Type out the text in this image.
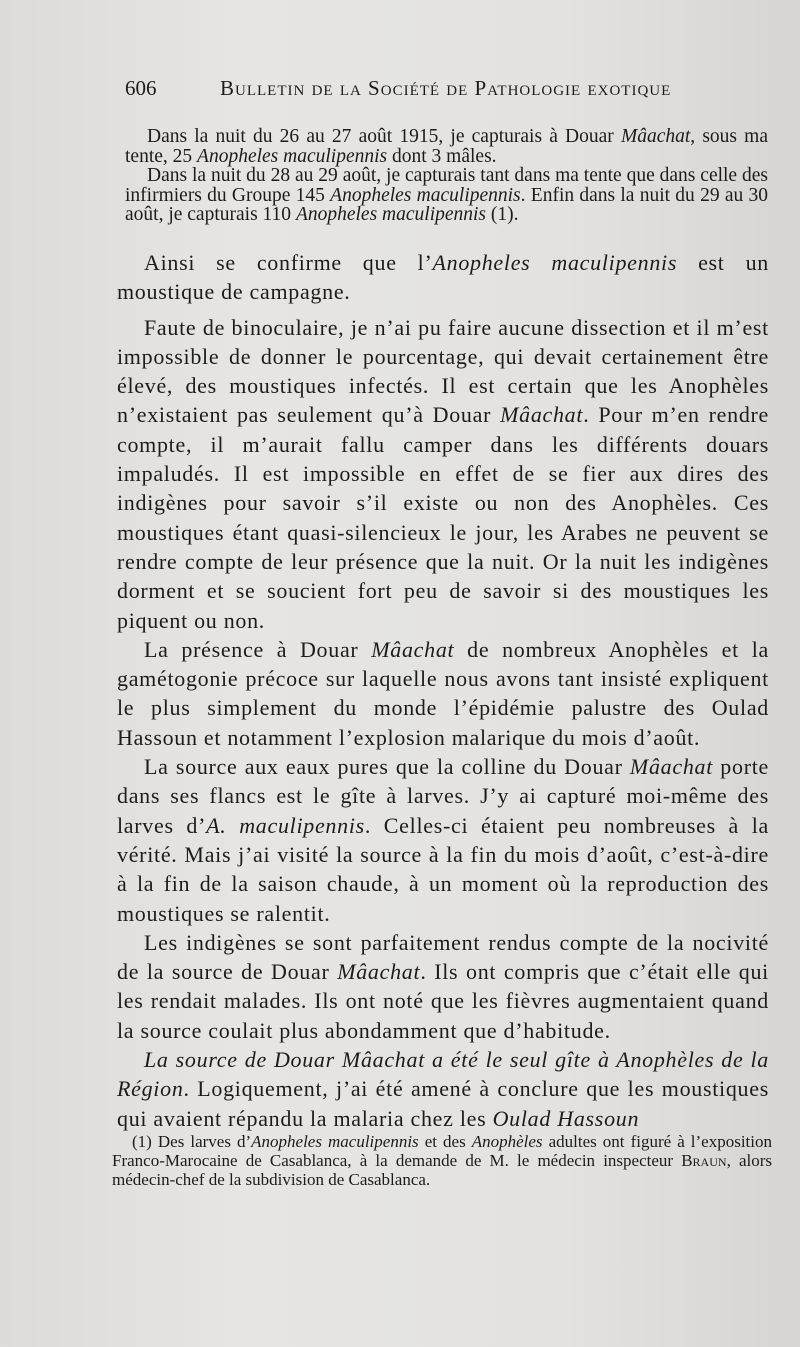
606	Bulletin de la Société de Pathologie exotique

Dans la nuit du 26 au 27 août 1915, je capturais à Douar Mâachat, sous ma tente, 25 Anopheles maculipennis dont 3 mâles.

Dans la nuit du 28 au 29 août, je capturais tant dans ma tente que dans celle des infirmiers du Groupe 145 Anopheles maculipennis. Enfin dans la nuit du 29 au 30 août, je capturais 110 Anopheles maculipennis (1).

Ainsi se confirme que l’Anopheles maculipennis est un moustique de campagne.

Faute de binoculaire, je n’ai pu faire aucune dissection et il m’est impossible de donner le pourcentage, qui devait certainement être élevé, des moustiques infectés. Il est certain que les Anophèles n’existaient pas seulement qu’à Douar Mâachat. Pour m’en rendre compte, il m’aurait fallu camper dans les différents douars impaludés. Il est impossible en effet de se fier aux dires des indigènes pour savoir s’il existe ou non des Anophèles. Ces moustiques étant quasi-silencieux le jour, les Arabes ne peuvent se rendre compte de leur présence que la nuit. Or la nuit les indigènes dorment et se soucient fort peu de savoir si des moustiques les piquent ou non.

La présence à Douar Mâachat de nombreux Anophèles et la gamétogonie précoce sur laquelle nous avons tant insisté expliquent le plus simplement du monde l’épidémie palustre des Oulad Hassoun et notamment l’explosion malarique du mois d’août.

La source aux eaux pures que la colline du Douar Mâachat porte dans ses flancs est le gîte à larves. J’y ai capturé moi-même des larves d’A. maculipennis. Celles-ci étaient peu nombreuses à la vérité. Mais j’ai visité la source à la fin du mois d’août, c’est-à-dire à la fin de la saison chaude, à un moment où la reproduction des moustiques se ralentit.

Les indigènes se sont parfaitement rendus compte de la nocivité de la source de Douar Mâachat. Ils ont compris que c’était elle qui les rendait malades. Ils ont noté que les fièvres augmentaient quand la source coulait plus abondamment que d’habitude.

La source de Douar Mâachat a été le seul gîte à Anophèles de la Région. Logiquement, j’ai été amené à conclure que les moustiques qui avaient répandu la malaria chez les Oulad Hassoun

(1) Des larves d’Anopheles maculipennis et des Anophèles adultes ont figuré à l’exposition Franco-Marocaine de Casablanca, à la demande de M. le médecin inspecteur Braun, alors médecin-chef de la subdivision de Casablanca.
